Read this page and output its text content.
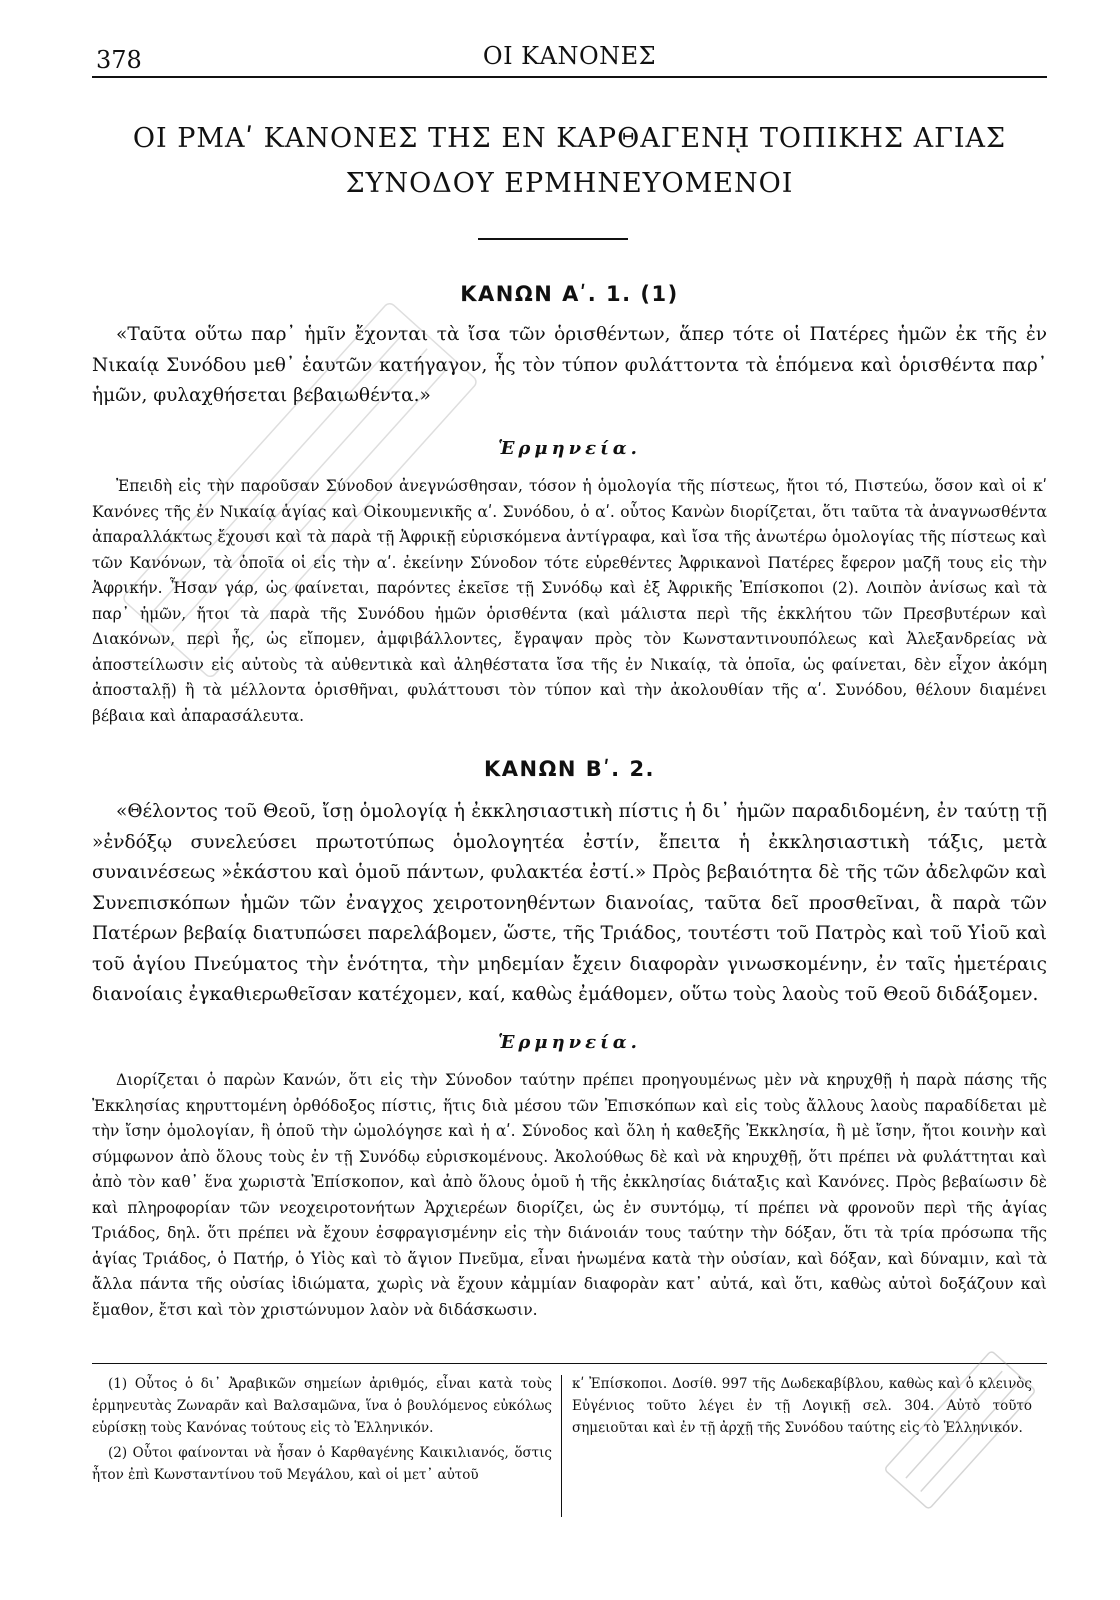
378	ΟΙ ΚΑΝΟΝΕΣ
ΟΙ ΡΜΑʹ ΚΑΝΟΝΕΣ ΤΗΣ ΕΝ ΚΑΡΘΑΓΕΝῌ ΤΟΠΙΚΗΣ ΑΓΙΑΣ
ΣΥΝΟΔΟΥ ΕΡΜΗΝΕΥΟΜΕΝΟΙ
ΚΑΝΩΝ Αʹ. 1. (1)

«Ταῦτα οὕτω παρ᾽ ἡμῖν ἔχονται τὰ ἴσα τῶν ὁρισθέντων, ἅπερ τότε οἱ Πατέρες ἡμῶν ἐκ τῆς ἐν Νικαίᾳ Συνόδου μεθ᾽ ἑαυτῶν κατήγαγον, ἧς τὸν τύπον φυλάττοντα τὰ ἑπόμενα καὶ ὁρισθέντα παρ᾽ ἡμῶν, φυλαχθήσεται βεβαιωθέντα.»

Ἑρμηνεία.

Ἐπειδὴ εἰς τὴν παροῦσαν Σύνοδον ἀνεγνώσθησαν, τόσον ἡ ὁμολογία τῆς πίστεως, ἤτοι τό, Πιστεύω, ὅσον καὶ οἱ κʹ Κανόνες τῆς ἐν Νικαίᾳ ἁγίας καὶ Οἰκουμενικῆς αʹ. Συνόδου, ὁ αʹ. οὗτος Κανὼν διορίζεται, ὅτι ταῦτα τὰ ἀναγνωσθέντα ἀπαραλλάκτως ἔχουσι καὶ τὰ παρὰ τῇ Ἀφρικῇ εὑρισκόμενα ἀντίγραφα, καὶ ἴσα τῆς ἀνωτέρω ὁμολογίας τῆς πίστεως καὶ τῶν Κανόνων, τὰ ὁποῖα οἱ εἰς τὴν αʹ. ἐκείνην Σύνοδον τότε εὑρεθέντες Ἀφρικανοὶ Πατέρες ἔφερον μαζῆ τους εἰς τὴν Ἀφρικήν. Ἦσαν γάρ, ὡς φαίνεται, παρόντες ἐκεῖσε τῇ Συνόδῳ καὶ ἐξ Ἀφρικῆς Ἐπίσκοποι (2). Λοιπὸν ἀνίσως καὶ τὰ παρ᾽ ἡμῶν, ἤτοι τὰ παρὰ τῆς Συνόδου ἡμῶν ὁρισθέντα (καὶ μάλιστα περὶ τῆς ἐκκλήτου τῶν Πρεσβυτέρων καὶ Διακόνων, περὶ ἧς, ὡς εἴπομεν, ἀμφιβάλλοντες, ἔγραψαν πρὸς τὸν Κωνσταντινουπόλεως καὶ Ἀλεξανδρείας νὰ ἀποστείλωσιν εἰς αὐτοὺς τὰ αὐθεντικὰ καὶ ἀληθέστατα ἴσα τῆς ἐν Νικαίᾳ, τὰ ὁποῖα, ὡς φαίνεται, δὲν εἶχον ἀκόμη ἀποσταλῇ) ἢ τὰ μέλλοντα ὁρισθῆναι, φυλάττουσι τὸν τύπον καὶ τὴν ἀκολουθίαν τῆς αʹ. Συνόδου, θέλουν διαμένει βέβαια καὶ ἀπαρασάλευτα.

ΚΑΝΩΝ Βʹ. 2.

«Θέλοντος τοῦ Θεοῦ, ἴσῃ ὁμολογίᾳ ἡ ἐκκλησιαστικὴ πίστις ἡ δι᾽ ἡμῶν παραδιδομένη, ἐν ταύτῃ τῇ »ἐνδόξῳ συνελεύσει πρωτοτύπως ὁμολογητέα ἐστίν, ἔπειτα ἡ ἐκκλησιαστικὴ τάξις, μετὰ συναινέσεως »ἑκάστου καὶ ὁμοῦ πάντων, φυλακτέα ἐστί.» Πρὸς βεβαιότητα δὲ τῆς τῶν ἀδελφῶν καὶ Συνεπισκόπων ἡμῶν τῶν ἐναγχος χειροτονηθέντων διανοίας, ταῦτα δεῖ προσθεῖναι, ἃ παρὰ τῶν Πατέρων βεβαίᾳ διατυπώσει παρελάβομεν, ὥστε, τῆς Τριάδος, τουτέστι τοῦ Πατρὸς καὶ τοῦ Υἱοῦ καὶ τοῦ ἁγίου Πνεύματος τὴν ἑνότητα, τὴν μηδεμίαν ἔχειν διαφορὰν γινωσκομένην, ἐν ταῖς ἡμετέραις διανοίαις ἐγκαθιερωθεῖσαν κατέχομεν, καί, καθὼς ἐμάθομεν, οὕτω τοὺς λαοὺς τοῦ Θεοῦ διδάξομεν.

Ἑρμηνεία.

Διορίζεται ὁ παρὼν Κανών, ὅτι εἰς τὴν Σύνοδον ταύτην πρέπει προηγουμένως μὲν νὰ κηρυχθῇ ἡ παρὰ πάσης τῆς Ἐκκλησίας κηρυττομένη ὀρθόδοξος πίστις, ἥτις διὰ μέσου τῶν Ἐπισκόπων καὶ εἰς τοὺς ἄλλους λαοὺς παραδίδεται μὲ τὴν ἴσην ὁμολογίαν, ἣ ὁποῦ τὴν ὡμολόγησε καὶ ἡ αʹ. Σύνοδος καὶ ὅλη ἡ καθεξῆς Ἐκκλησία, ἢ μὲ ἴσην, ἤτοι κοινὴν καὶ σύμφωνον ἀπὸ ὅλους τοὺς ἐν τῇ Συνόδῳ εὑρισκομένους. Ἀκολούθως δὲ καὶ νὰ κηρυχθῇ, ὅτι πρέπει νὰ φυλάττηται καὶ ἀπὸ τὸν καθ᾽ ἕνα χωριστὰ Ἐπίσκοπον, καὶ ἀπὸ ὅλους ὁμοῦ ἡ τῆς ἐκκλησίας διάταξις καὶ Κανόνες. Πρὸς βεβαίωσιν δὲ καὶ πληροφορίαν τῶν νεοχειροτονήτων Ἀρχιερέων διορίζει, ὡς ἐν συντόμῳ, τί πρέπει νὰ φρονοῦν περὶ τῆς ἁγίας Τριάδος, δηλ. ὅτι πρέπει νὰ ἔχουν ἐσφραγισμένην εἰς τὴν διάνοιάν τους ταύτην τὴν δόξαν, ὅτι τὰ τρία πρόσωπα τῆς ἁγίας Τριάδος, ὁ Πατήρ, ὁ Υἱὸς καὶ τὸ ἅγιον Πνεῦμα, εἶναι ἡνωμένα κατὰ τὴν οὐσίαν, καὶ δόξαν, καὶ δύναμιν, καὶ τὰ ἄλλα πάντα τῆς οὐσίας ἰδιώματα, χωρὶς νὰ ἔχουν κἀμμίαν διαφορὰν κατ᾽ αὐτά, καὶ ὅτι, καθὼς αὐτοὶ δοξάζουν καὶ ἔμαθον, ἔτσι καὶ τὸν χριστώνυμον λαὸν νὰ διδάσκωσιν.

(1) Οὗτος ὁ δι᾽ Ἀραβικῶν σημείων ἀριθμός, εἶναι κατὰ τοὺς ἑρμηνευτὰς Ζωναρᾶν καὶ Βαλσαμῶνα, ἵνα ὁ βουλόμενος εὐκόλως εὑρίσκῃ τοὺς Κανόνας τούτους εἰς τὸ Ἑλληνικόν.

(2) Οὗτοι φαίνονται νὰ ἦσαν ὁ Καρθαγένης Καικιλιανός, ὅστις ἦτον ἐπὶ Κωνσταντίνου τοῦ Μεγάλου, καὶ οἱ μετ᾽ αὐτοῦ

κʹ Ἐπίσκοποι. Δοσίθ. 997 τῆς Δωδεκαβίβλου, καθὼς καὶ ὁ κλεινὸς Εὐγένιος τοῦτο λέγει ἐν τῇ Λογικῇ σελ. 304. Αὐτὸ τοῦτο σημειοῦται καὶ ἐν τῇ ἀρχῇ τῆς Συνόδου ταύτης εἰς τὸ Ἑλληνικόν.
